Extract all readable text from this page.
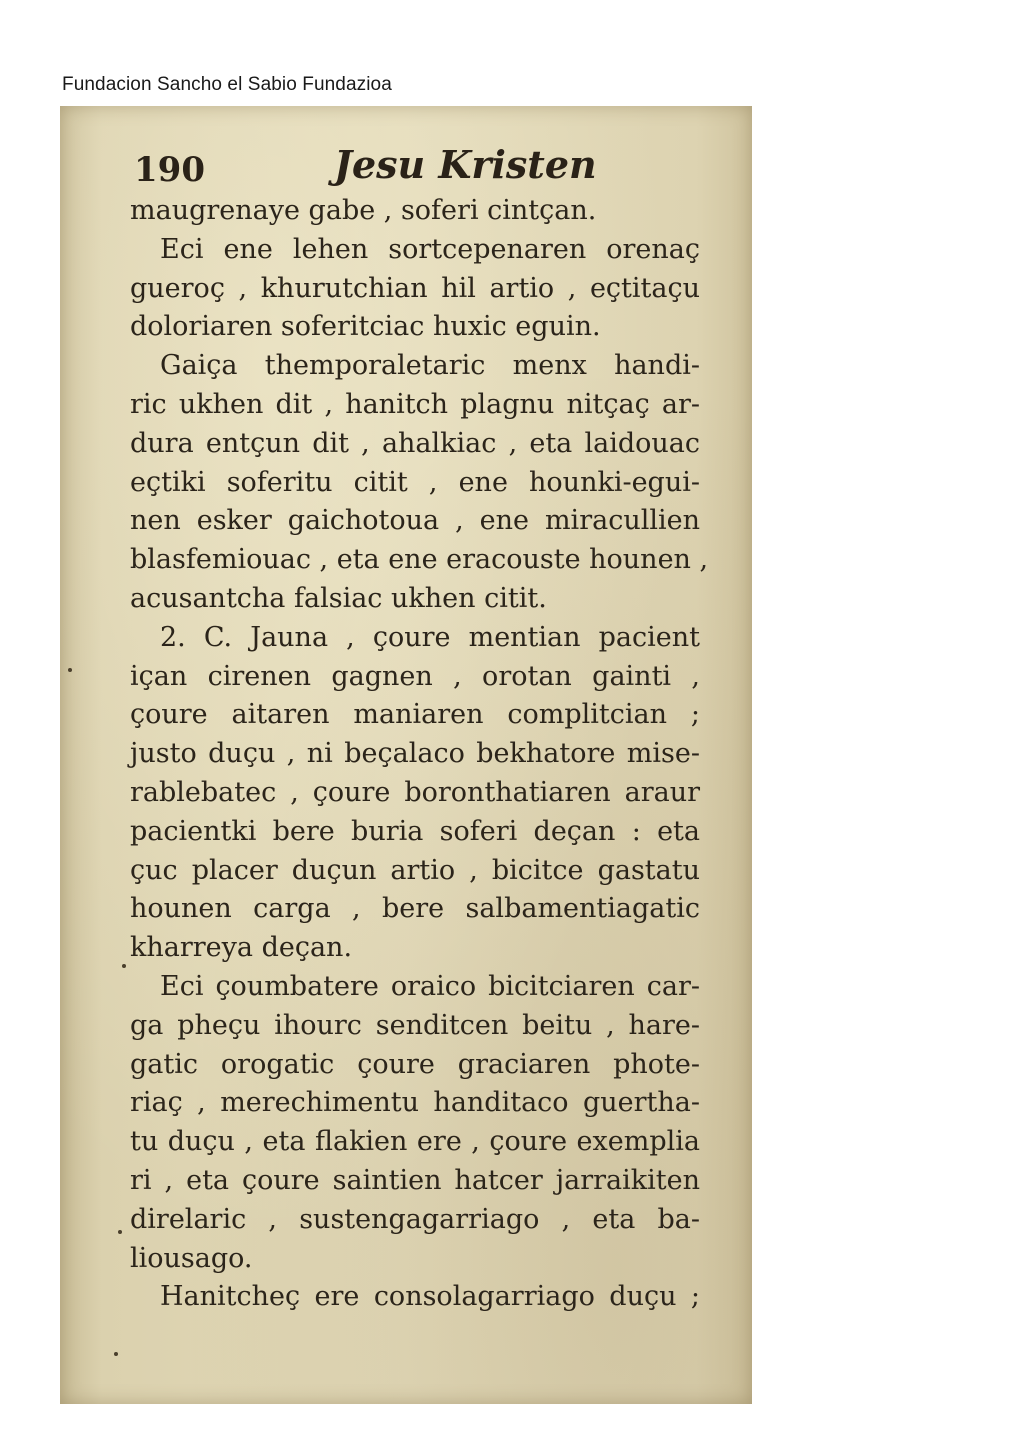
Fundacion Sancho el Sabio Fundazioa
190	Jesu Kristen
maugrenaye gabe , soferi cintçan.
Eci ene lehen sortcepenaren orenaç
gueroç , khurutchian hil artio , eçtitaçu
doloriaren soferitciac huxic eguin.
Gaiça themporaletaric menx handi-
ric ukhen dit , hanitch plagnu nitçaç ar-
dura entçun dit , ahalkiac , eta laidouac
eçtiki soferitu citit , ene hounki-egui-
nen esker gaichotoua , ene miracullien
blasfemiouac , eta ene eracouste hounen ,
acusantcha falsiac ukhen citit.
2. C. Jauna , çoure mentian pacient
içan cirenen gagnen , orotan gainti ,
çoure aitaren maniaren complitcian ;
justo duçu , ni beçalaco bekhatore mise-
rablebatec , çoure boronthatiaren araur
pacientki bere buria soferi deçan : eta
çuc placer duçun artio , bicitce gastatu
hounen carga , bere salbamentiagatic
kharreya deçan.
Eci çoumbatere oraico bicitciaren car-
ga pheçu ihourc senditcen beitu , hare-
gatic orogatic çoure graciaren phote-
riaç , merechimentu handitaco guertha-
tu duçu , eta flakien ere , çoure exemplia
ri , eta çoure saintien hatcer jarraikiten
direlaric , sustengagarriago , eta ba-
liousago.
Hanitcheç ere consolagarriago duçu ;
